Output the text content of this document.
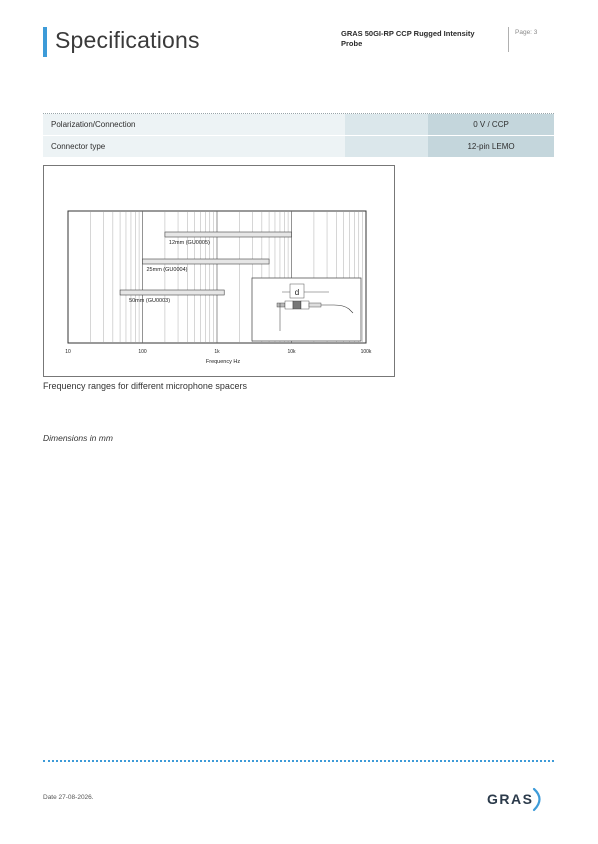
Specifications	GRAS 50GI-RP CCP Rugged Intensity Probe
Page: 3
Polarization/Connection		0 V / CCP
Connector type		12-pin LEMO
10	100	1k	10k	100k
Frequency Hz
12mm (GU0005)
25mm (GU0004)
50mm (GU0003)
d
Frequency ranges for different microphone spacers
Dimensions in mm
Date 27-08-2026.	GRAS
